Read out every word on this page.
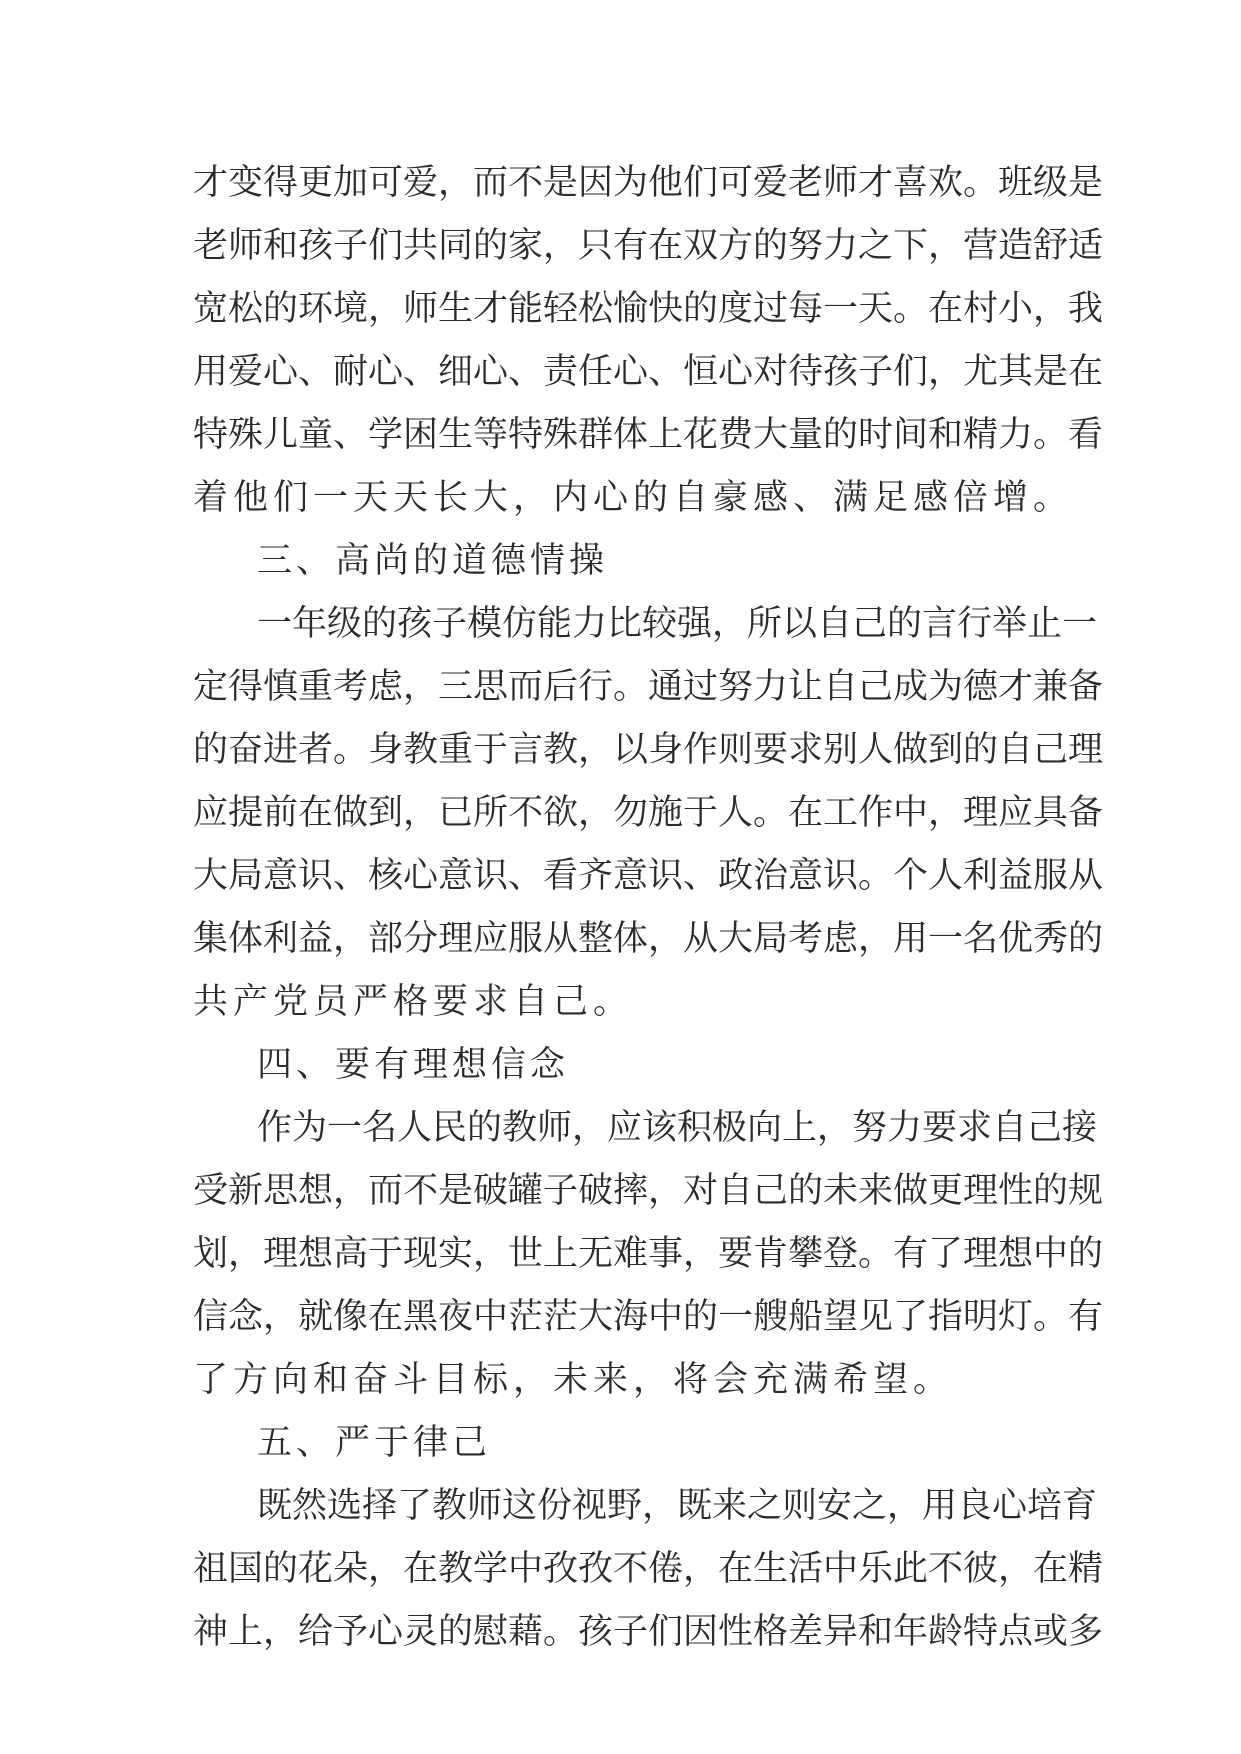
才变得更加可爱，而不是因为他们可爱老师才喜欢。班级是
老师和孩子们共同的家，只有在双方的努力之下，营造舒适
宽松的环境，师生才能轻松愉快的度过每一天。在村小，我
用爱心、耐心、细心、责任心、恒心对待孩子们，尤其是在
特殊儿童、学困生等特殊群体上花费大量的时间和精力。看
着他们一天天长大，内心的自豪感、满足感倍增。
三、高尚的道德情操
一年级的孩子模仿能力比较强，所以自己的言行举止一
定得慎重考虑，三思而后行。通过努力让自己成为德才兼备
的奋进者。身教重于言教，以身作则要求别人做到的自己理
应提前在做到，已所不欲，勿施于人。在工作中，理应具备
大局意识、核心意识、看齐意识、政治意识。个人利益服从
集体利益，部分理应服从整体，从大局考虑，用一名优秀的
共产党员严格要求自己。
四、要有理想信念
作为一名人民的教师，应该积极向上，努力要求自己接
受新思想，而不是破罐子破摔，对自己的未来做更理性的规
划，理想高于现实，世上无难事，要肯攀登。有了理想中的
信念，就像在黑夜中茫茫大海中的一艘船望见了指明灯。有
了方向和奋斗目标，未来，将会充满希望。
五、严于律己
既然选择了教师这份视野，既来之则安之，用良心培育
祖国的花朵，在教学中孜孜不倦，在生活中乐此不彼，在精
神上，给予心灵的慰藉。孩子们因性格差异和年龄特点或多
